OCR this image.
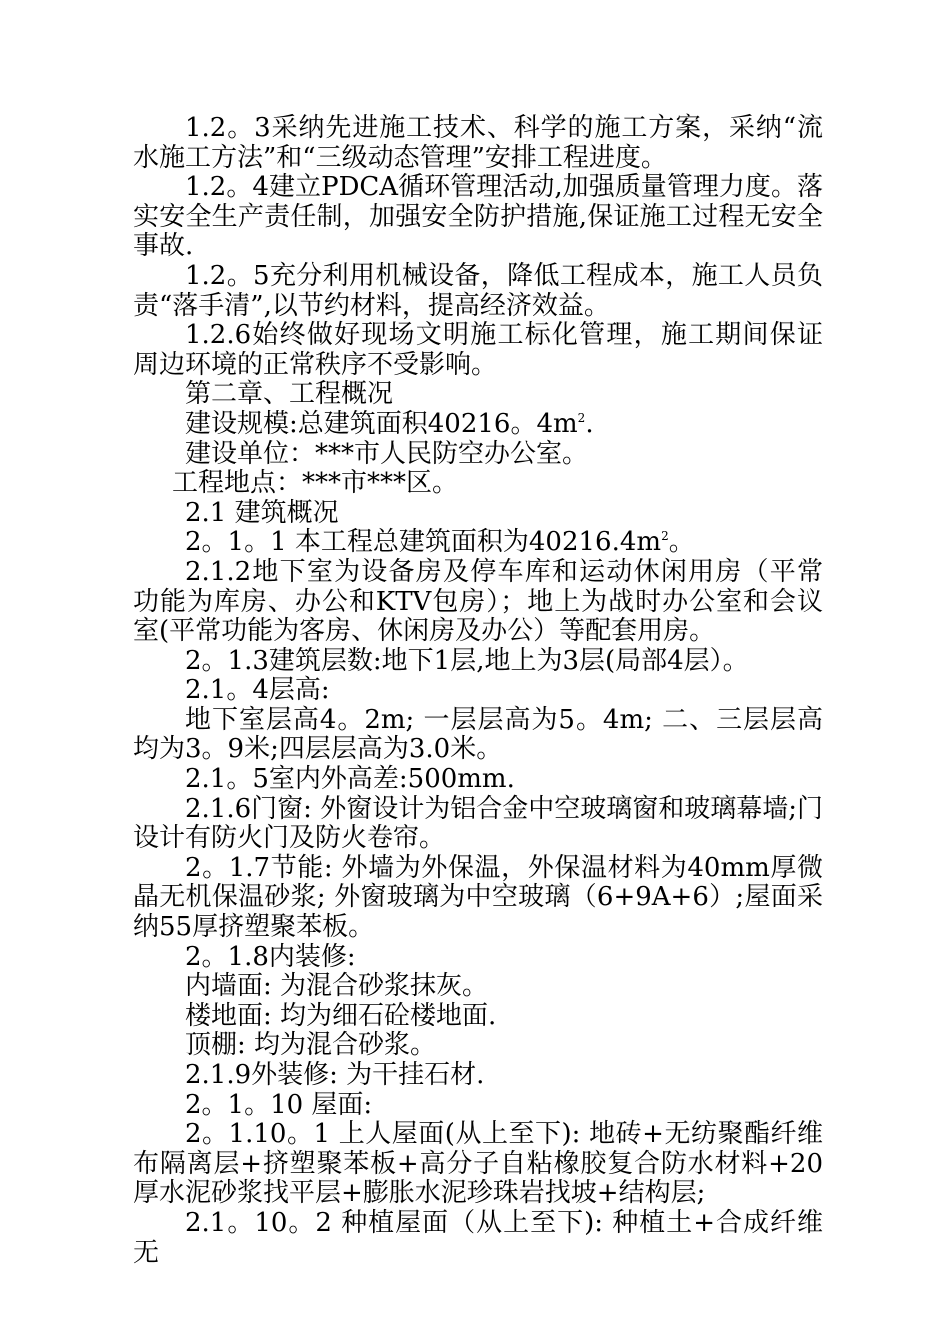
1.2。3采纳先进施工技术、科学的施工方案，采纳“流水施工方法”和“三级动态管理”安排工程进度。

1.2。4建立PDCA循环管理活动,加强质量管理力度。落实安全生产责任制，加强安全防护措施,保证施工过程无安全事故.

1.2。5充分利用机械设备，降低工程成本，施工人员负责“落手清”,以节约材料，提高经济效益。

1.2.6始终做好现场文明施工标化管理，施工期间保证周边环境的正常秩序不受影响。

第二章、工程概况

建设规模:总建筑面积40216。$4m^2$.

建设单位：***市人民防空办公室。

工程地点：***市***区。

2.1 建筑概况

2。1。1 本工程总建筑面积为$40216.4m^2$。

2.1.2地下室为设备房及停车库和运动休闲用房（平常功能为库房、办公和KTV包房）；地上为战时办公室和会议室(平常功能为客房、休闲房及办公）等配套用房。

2。1.3建筑层数:地下1层,地上为3层(局部4层）。

2.1。4层高:

地下室层高4。2m; 一层层高为5。4m; 二、三层层高均为3。9米;四层层高为3.0米。

2.1。5室内外高差:500mm.

2.1.6门窗: 外窗设计为铝合金中空玻璃窗和玻璃幕墙;门设计有防火门及防火卷帘。

2。1.7节能: 外墙为外保温，外保温材料为40mm厚微晶无机保温砂浆; 外窗玻璃为中空玻璃（6+9A+6）;屋面采纳55厚挤塑聚苯板。

2。1.8内装修:

内墙面: 为混合砂浆抹灰。

楼地面: 均为细石砼楼地面.

顶棚: 均为混合砂浆。

2.1.9外装修: 为干挂石材.

2。1。10 屋面:

2。1.10。1 上人屋面(从上至下): 地砖+无纺聚酯纤维布隔离层+挤塑聚苯板+高分子自粘橡胶复合防水材料+20厚水泥砂浆找平层+膨胀水泥珍珠岩找坡+结构层;

2.1。10。2 种植屋面（从上至下): 种植土+合成纤维无
